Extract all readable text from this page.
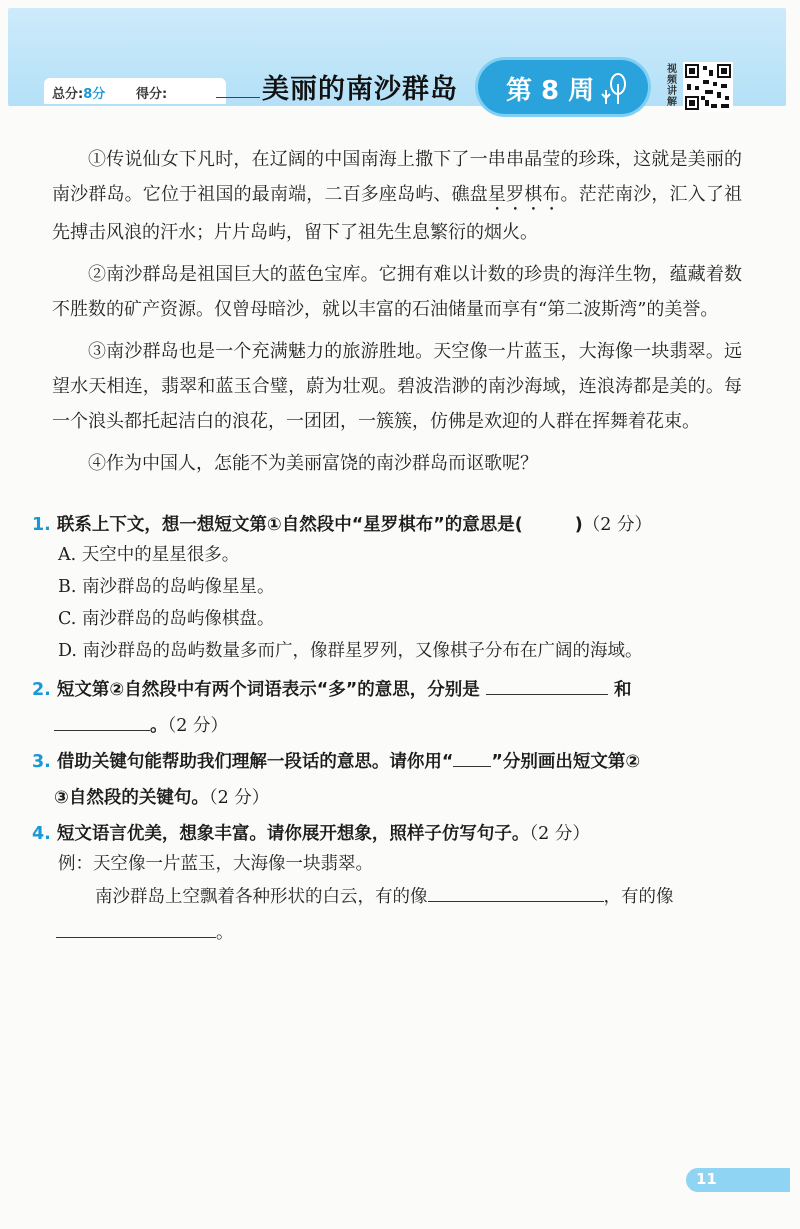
总分:8分 得分:	美丽的南沙群岛 第 8 周
视频讲解

①传说仙女下凡时，在辽阔的中国南海上撒下了一串串晶莹的珍珠，这就是美丽的南沙群岛。它位于祖国的最南端，二百多座岛屿、礁盘星罗棋布。茫茫南沙，汇入了祖先搏击风浪的汗水；片片岛屿，留下了祖先生息繁衍的烟火。

②南沙群岛是祖国巨大的蓝色宝库。它拥有难以计数的珍贵的海洋生物，蕴藏着数不胜数的矿产资源。仅曾母暗沙，就以丰富的石油储量而享有“第二波斯湾”的美誉。

③南沙群岛也是一个充满魅力的旅游胜地。天空像一片蓝玉，大海像一块翡翠。远望水天相连，翡翠和蓝玉合璧，蔚为壮观。碧波浩渺的南沙海域，连浪涛都是美的。每一个浪头都托起洁白的浪花，一团团，一簇簇，仿佛是欢迎的人群在挥舞着花束。

④作为中国人，怎能不为美丽富饶的南沙群岛而讴歌呢？

1. 联系上下文，想一想短文第①自然段中“星罗棋布”的意思是(	)（2 分）
A. 天空中的星星很多。
B. 南沙群岛的岛屿像星星。
C. 南沙群岛的岛屿像棋盘。
D. 南沙群岛的岛屿数量多而广，像群星罗列，又像棋子分布在广阔的海域。
2. 短文第②自然段中有两个词语表示“多”的意思，分别是	和
。（2 分）
3. 借助关键句能帮助我们理解一段话的意思。请你用“ ”分别画出短文第②
③自然段的关键句。（2 分）
4. 短文语言优美，想象丰富。请你展开想象，照样子仿写句子。（2 分）
例：天空像一片蓝玉，大海像一块翡翠。
南沙群岛上空飘着各种形状的白云，有的像	，有的像
。
11
